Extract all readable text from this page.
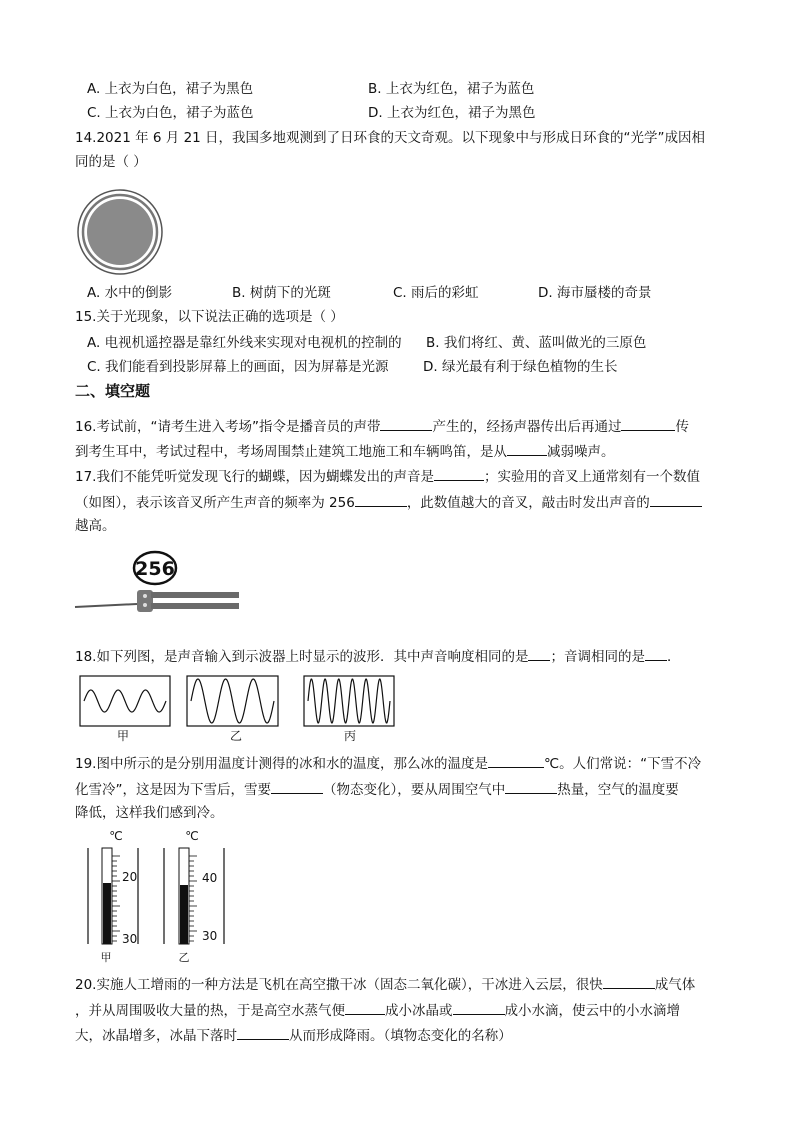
A. 上衣为白色，裙子为黑色	B. 上衣为红色，裙子为蓝色
C. 上衣为白色，裙子为蓝色	D. 上衣为红色，裙子为黑色
14.2021 年 6 月 21 日，我国多地观测到了日环食的天文奇观。以下现象中与形成日环食的“光学”成因相
同的是（ ）
A. 水中的倒影	B. 树荫下的光斑	C. 雨后的彩虹	D. 海市蜃楼的奇景
15.关于光现象，以下说法正确的选项是（ ）
A. 电视机遥控器是靠红外线来实现对电视机的控制的 B. 我们将红、黄、蓝叫做光的三原色
C. 我们能看到投影屏幕上的画面，因为屏幕是光源	D. 绿光最有利于绿色植物的生长
二、填空题
16.考试前，“请考生进入考场”指令是播音员的声带	产生的，经扬声器传出后再通过	传
到考生耳中，考试过程中，考场周围禁止建筑工地施工和车辆鸣笛，是从	减弱噪声。
17.我们不能凭听觉发现飞行的蝴蝶，因为蝴蝶发出的声音是	；实验用的音叉上通常刻有一个数值
（如图），表示该音叉所产生声音的频率为 256	，此数值越大的音叉，敲击时发出声音的
越高。
256
18.如下列图，是声音输入到示波器上时显示的波形．其中声音响度相同的是 ；音调相同的是 ．
甲	乙	丙
19.图中所示的是分别用温度计测得的冰和水的温度，那么冰的温度是	℃。人们常说：“下雪不冷
化雪冷”，这是因为下雪后，雪要	（物态变化），要从周围空气中	热量，空气的温度要
降低，这样我们感到冷。
℃
20
30
甲
℃
40
30
乙
20.实施人工增雨的一种方法是飞机在高空撒干冰（固态二氧化碳），干冰进入云层，很快	成气体
，并从周围吸收大量的热，于是高空水蒸气便	成小冰晶或	成小水滴，使云中的小水滴增
大，冰晶增多，冰晶下落时	从而形成降雨。（填物态变化的名称）
